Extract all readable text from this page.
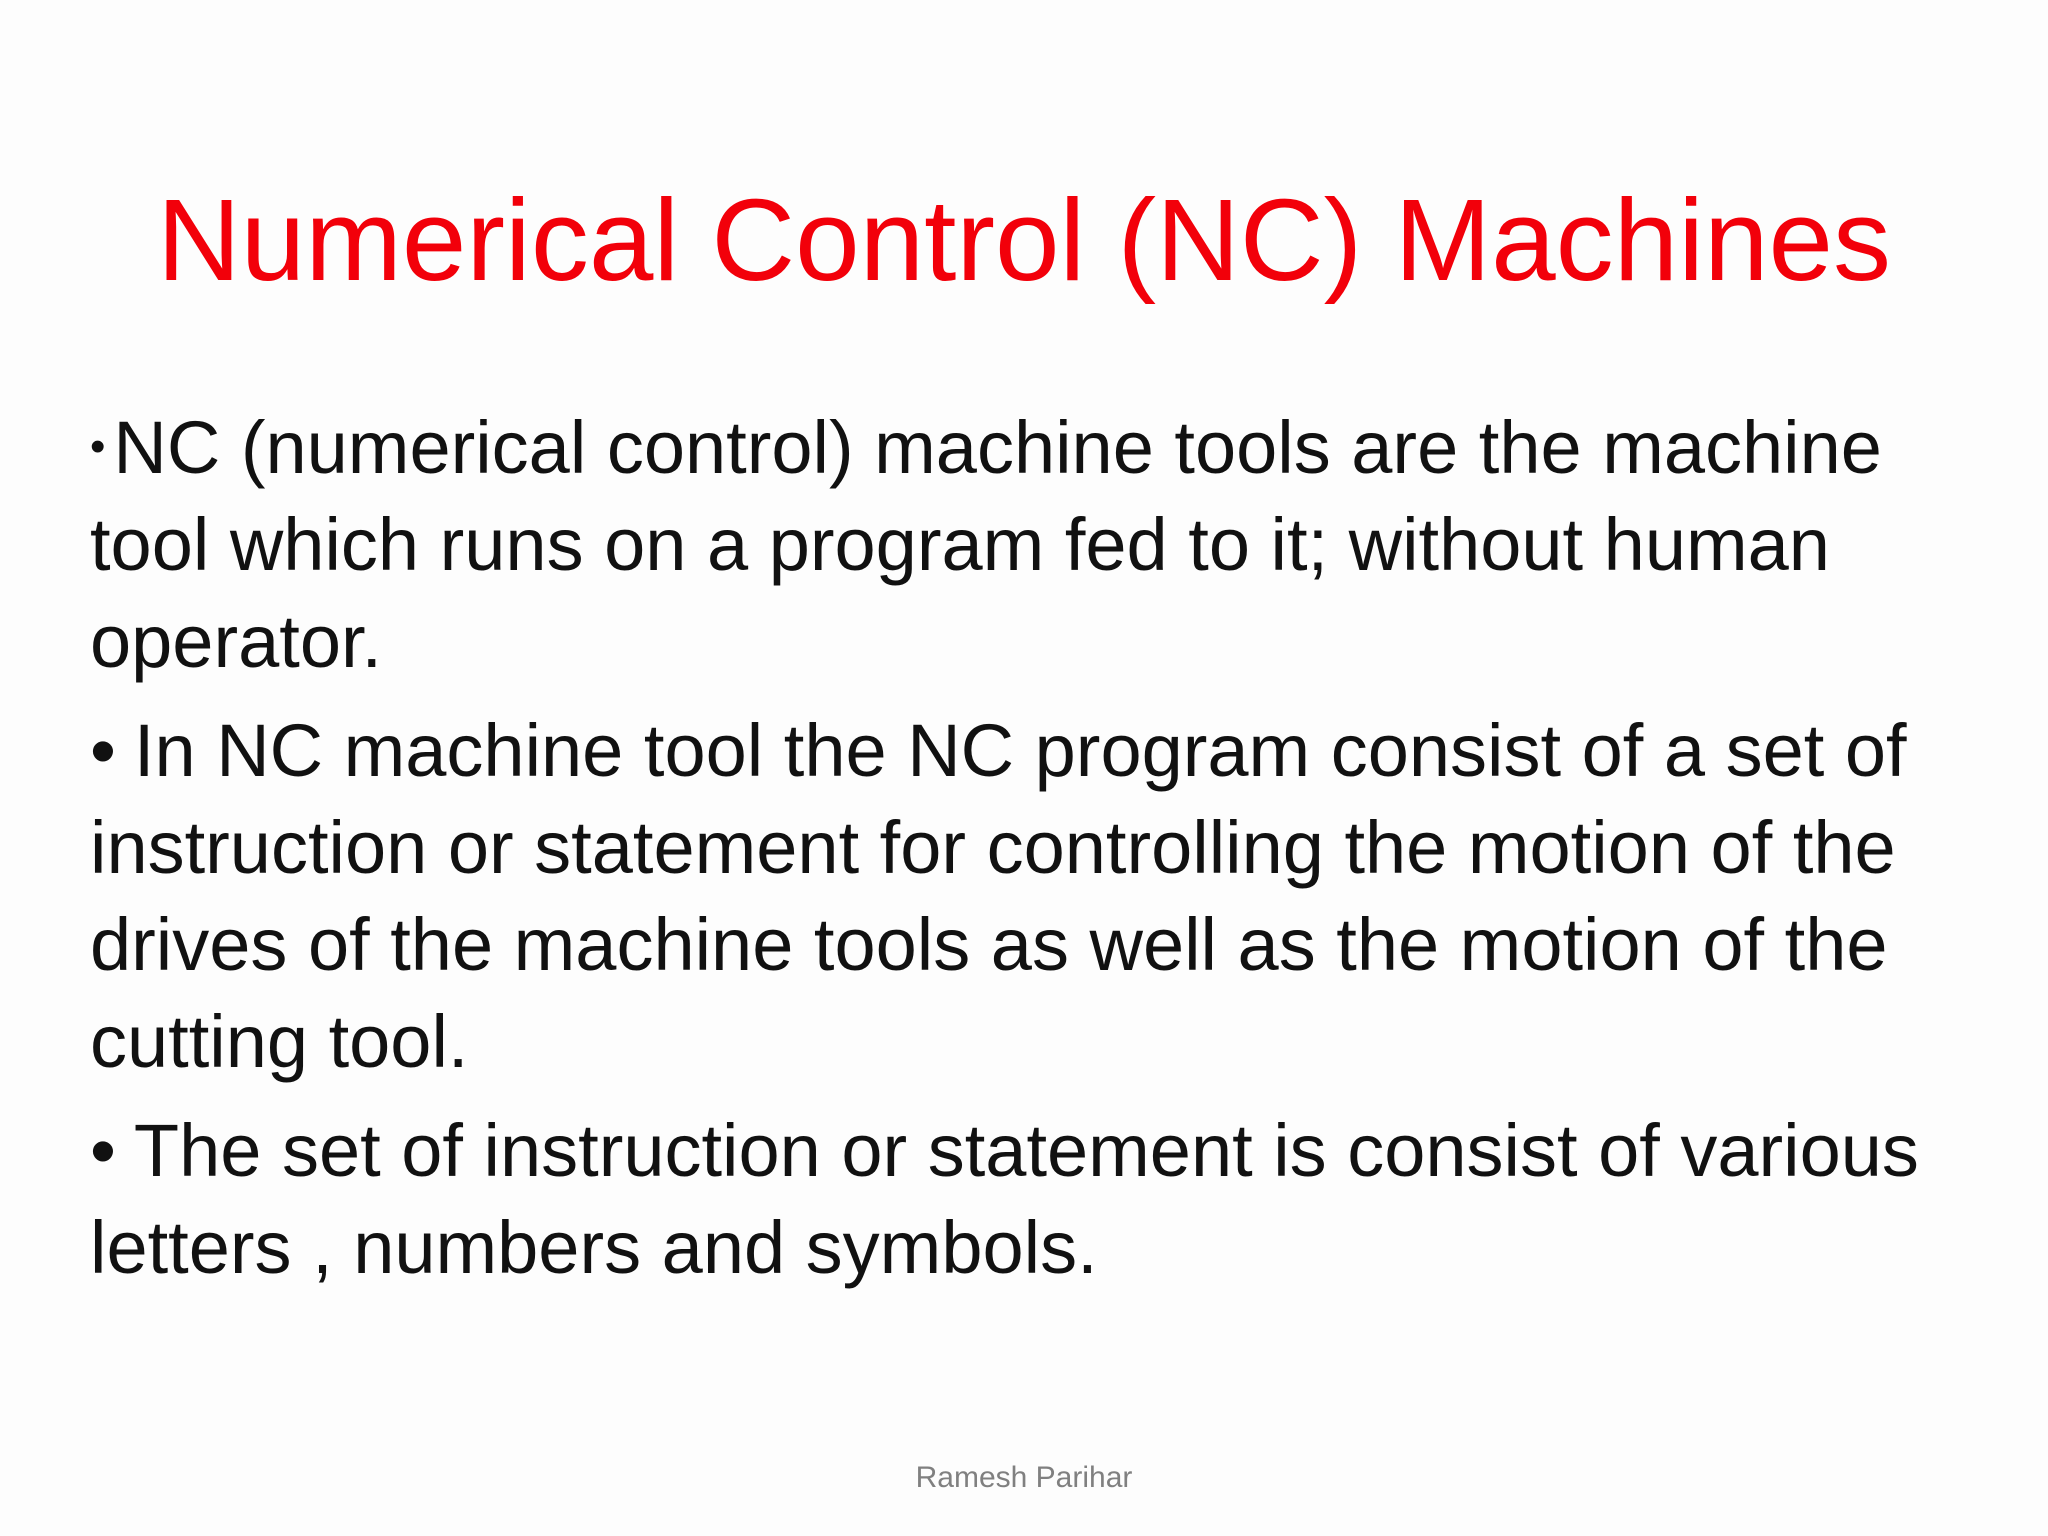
Numerical Control (NC) Machines

• NC (numerical control) machine tools are the machine tool which runs on a program fed to it; without human operator.

• In NC machine tool the NC program consist of a set of instruction or statement for controlling the motion of the drives of the machine tools as well as the motion of the cutting tool.

• The set of instruction or statement is consist of various letters , numbers and symbols.

Ramesh Parihar
